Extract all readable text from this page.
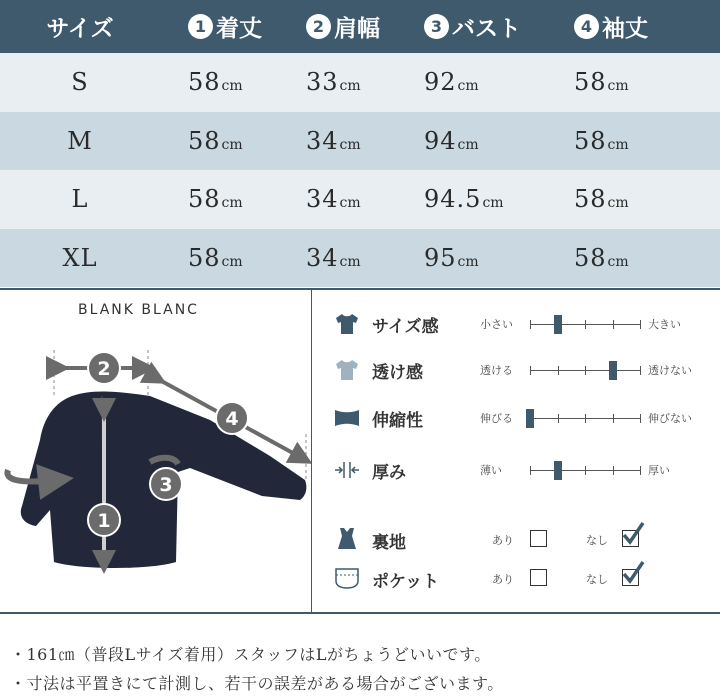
サイズ	1 着丈	2 肩幅	3 バスト	4 袖丈
S	58cm	33cm	92cm	58cm
M	58cm	34cm	94cm	58cm
L	58cm	34cm	94.5cm	58cm
XL	58cm	34cm	95cm	58cm
BLANK BLANC
2
4
3
1
サイズ感	小さい	大きい
透け感	透ける	透けない
伸縮性	伸びる	伸びない
厚み	薄い	厚い
裏地	あり	なし
ポケット	あり	なし
・161㎝（普段Lサイズ着用）スタッフはLがちょうどいいです。
・寸法は平置きにて計測し、若干の誤差がある場合がございます。
